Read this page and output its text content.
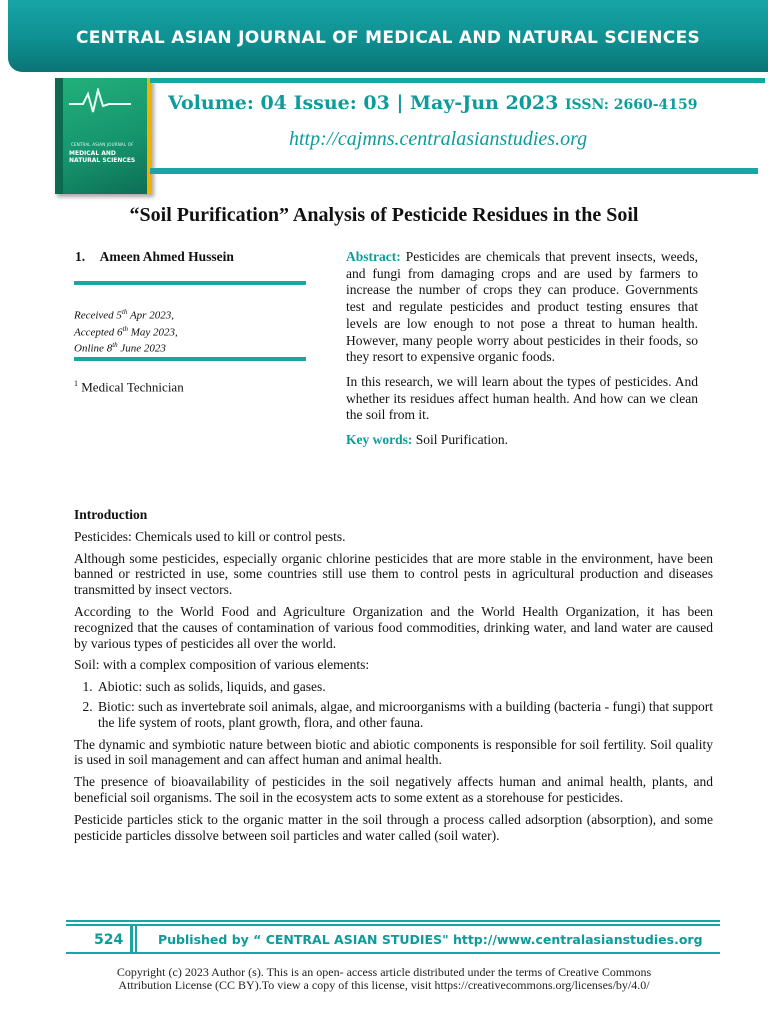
CENTRAL ASIAN JOURNAL OF MEDICAL AND NATURAL SCIENCES
CENTRAL ASIAN JOURNAL OF
MEDICAL AND NATURAL SCIENCES
Volume: 04 Issue: 03 | May-Jun 2023 ISSN: 2660-4159
http://cajmns.centralasianstudies.org
“Soil Purification” Analysis of Pesticide Residues in the Soil
1. Ameen Ahmed Hussein
Received 5th Apr 2023,
Accepted 6th May 2023,
Online 8th June 2023
$^1$ Medical Technician

Abstract: Pesticides are chemicals that prevent insects, weeds, and fungi from damaging crops and are used by farmers to increase the number of crops they can produce. Governments test and regulate pesticides and product testing ensures that levels are low enough to not pose a threat to human health. However, many people worry about pesticides in their foods, so they resort to expensive organic foods.

In this research, we will learn about the types of pesticides. And whether its residues affect human health. And how can we clean the soil from it.

Key words: Soil Purification.

Introduction

Pesticides: Chemicals used to kill or control pests.

Although some pesticides, especially organic chlorine pesticides that are more stable in the environment, have been banned or restricted in use, some countries still use them to control pests in agricultural production and diseases transmitted by insect vectors.

According to the World Food and Agriculture Organization and the World Health Organization, it has been recognized that the causes of contamination of various food commodities, drinking water, and land water are caused by various types of pesticides all over the world.

Soil: with a complex composition of various elements:

1. Abiotic: such as solids, liquids, and gases.
2. Biotic: such as invertebrate soil animals, algae, and microorganisms with a building (bacteria - fungi) that support the life system of roots, plant growth, flora, and other fauna.

The dynamic and symbiotic nature between biotic and abiotic components is responsible for soil fertility. Soil quality is used in soil management and can affect human and animal health.

The presence of bioavailability of pesticides in the soil negatively affects human and animal health, plants, and beneficial soil organisms. The soil in the ecosystem acts to some extent as a storehouse for pesticides.

Pesticide particles stick to the organic matter in the soil through a process called adsorption (absorption), and some pesticide particles dissolve between soil particles and water called (soil water).

524	Published by “ CENTRAL ASIAN STUDIES" http://www.centralasianstudies.org
Copyright (c) 2023 Author (s). This is an open- access article distributed under the terms of Creative Commons
Attribution License (CC BY).To view a copy of this license, visit https://creativecommons.org/licenses/by/4.0/
